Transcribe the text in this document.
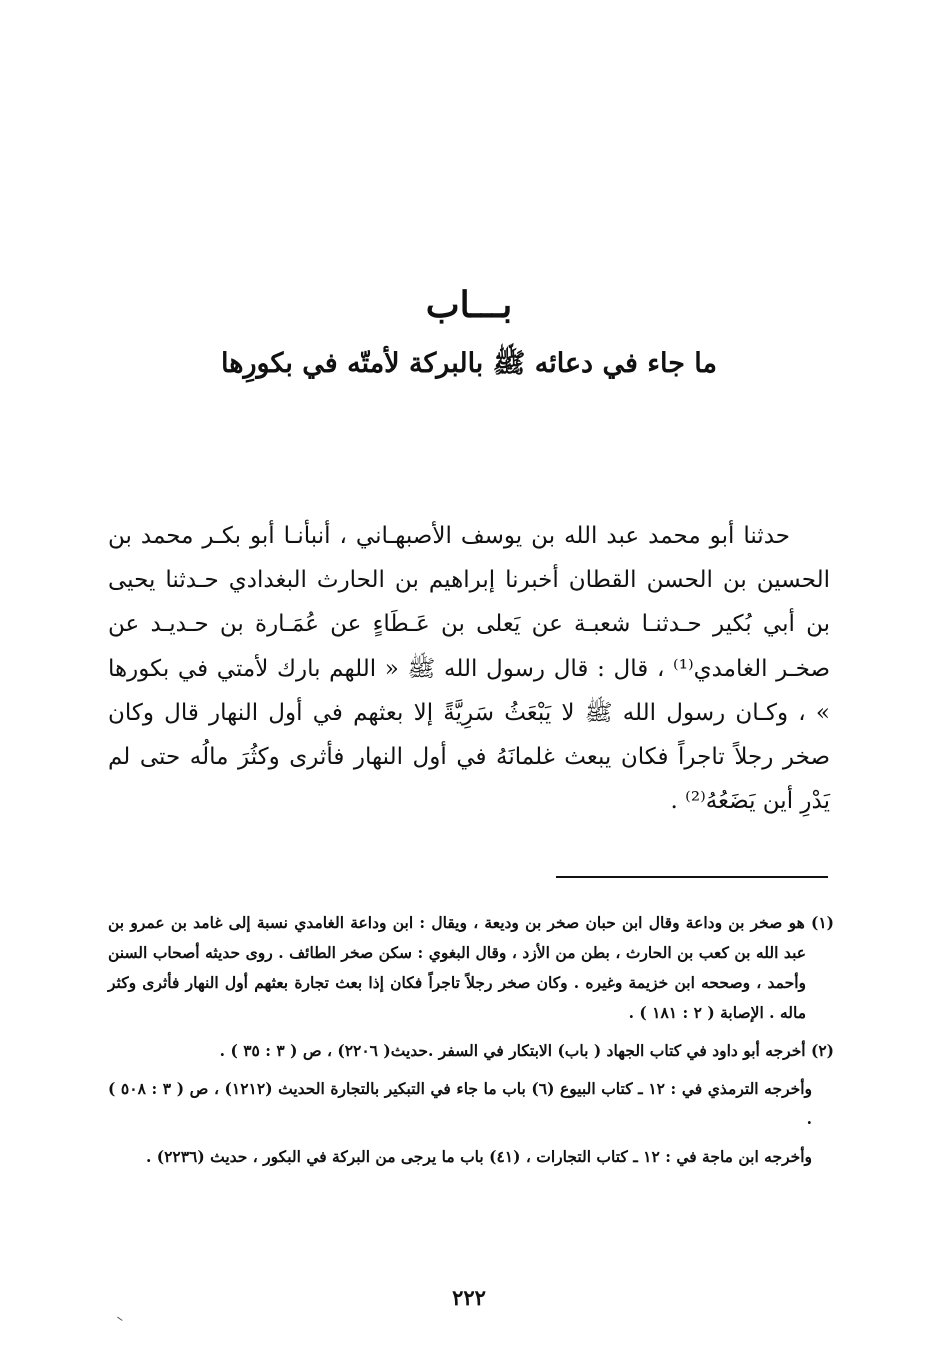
بـــاب
ما جاء في دعائه ﷺ بالبركة لأمتّه في بكورِها

حدثنا أبو محمد عبد الله بن يوسف الأصبهـاني ، أنبأنـا أبو بكـر محمد بن الحسين بن الحسن القطان أخبرنا إبراهيم بن الحارث البغدادي حـدثنا يحيى بن أبي بُكير حـدثنـا شعبـة عن يَعلى بن عَـطَاءٍ عن عُمَـارة بن حـديـد عن صخـر الغامدي⁽¹⁾ ، قال : قال رسول الله ﷺ « اللهم بارك لأمتي في بكورها » ، وكـان رسول الله ﷺ لا يَبْعَثُ سَرِيَّةً إلا بعثهم في أول النهار قال وكان صخر رجلاً تاجراً فكان يبعث غلمانَهُ في أول النهار فأثرى وكثُرَ مالُه حتى لم يَدْرِ أين يَضَعُهُ⁽²⁾ .

(١) هو صخر بن وداعة وقال ابن حبان صخر بن وديعة ، ويقال : ابن وداعة الغامدي نسبة إلى غامد بن عمرو بن عبد الله بن كعب بن الحارث ، بطن من الأزد ، وقال البغوي : سكن صخر الطائف . روى حديثه أصحاب السنن وأحمد ، وصححه ابن خزيمة وغيره . وكان صخر رجلاً تاجراً فكان إذا بعث تجارة بعثهم أول النهار فأثرى وكثر ماله . الإصابة ( ٢ : ١٨١ ) .

(٢) أخرجه أبو داود في كتاب الجهاد ( باب) الابتكار في السفر .حديث( ٢٢٠٦) ، ص ( ٣ : ٣٥ ) .

وأخرجه الترمذي في : ١٢ ـ كتاب البيوع (٦) باب ما جاء في التبكير بالتجارة الحديث (١٢١٢) ، ص ( ٣ : ٥٠٨ ) .

وأخرجه ابن ماجة في : ١٢ ـ كتاب التجارات ، (٤١) باب ما يرجى من البركة في البكور ، حديث (٢٢٣٦) .

٢٢٢
